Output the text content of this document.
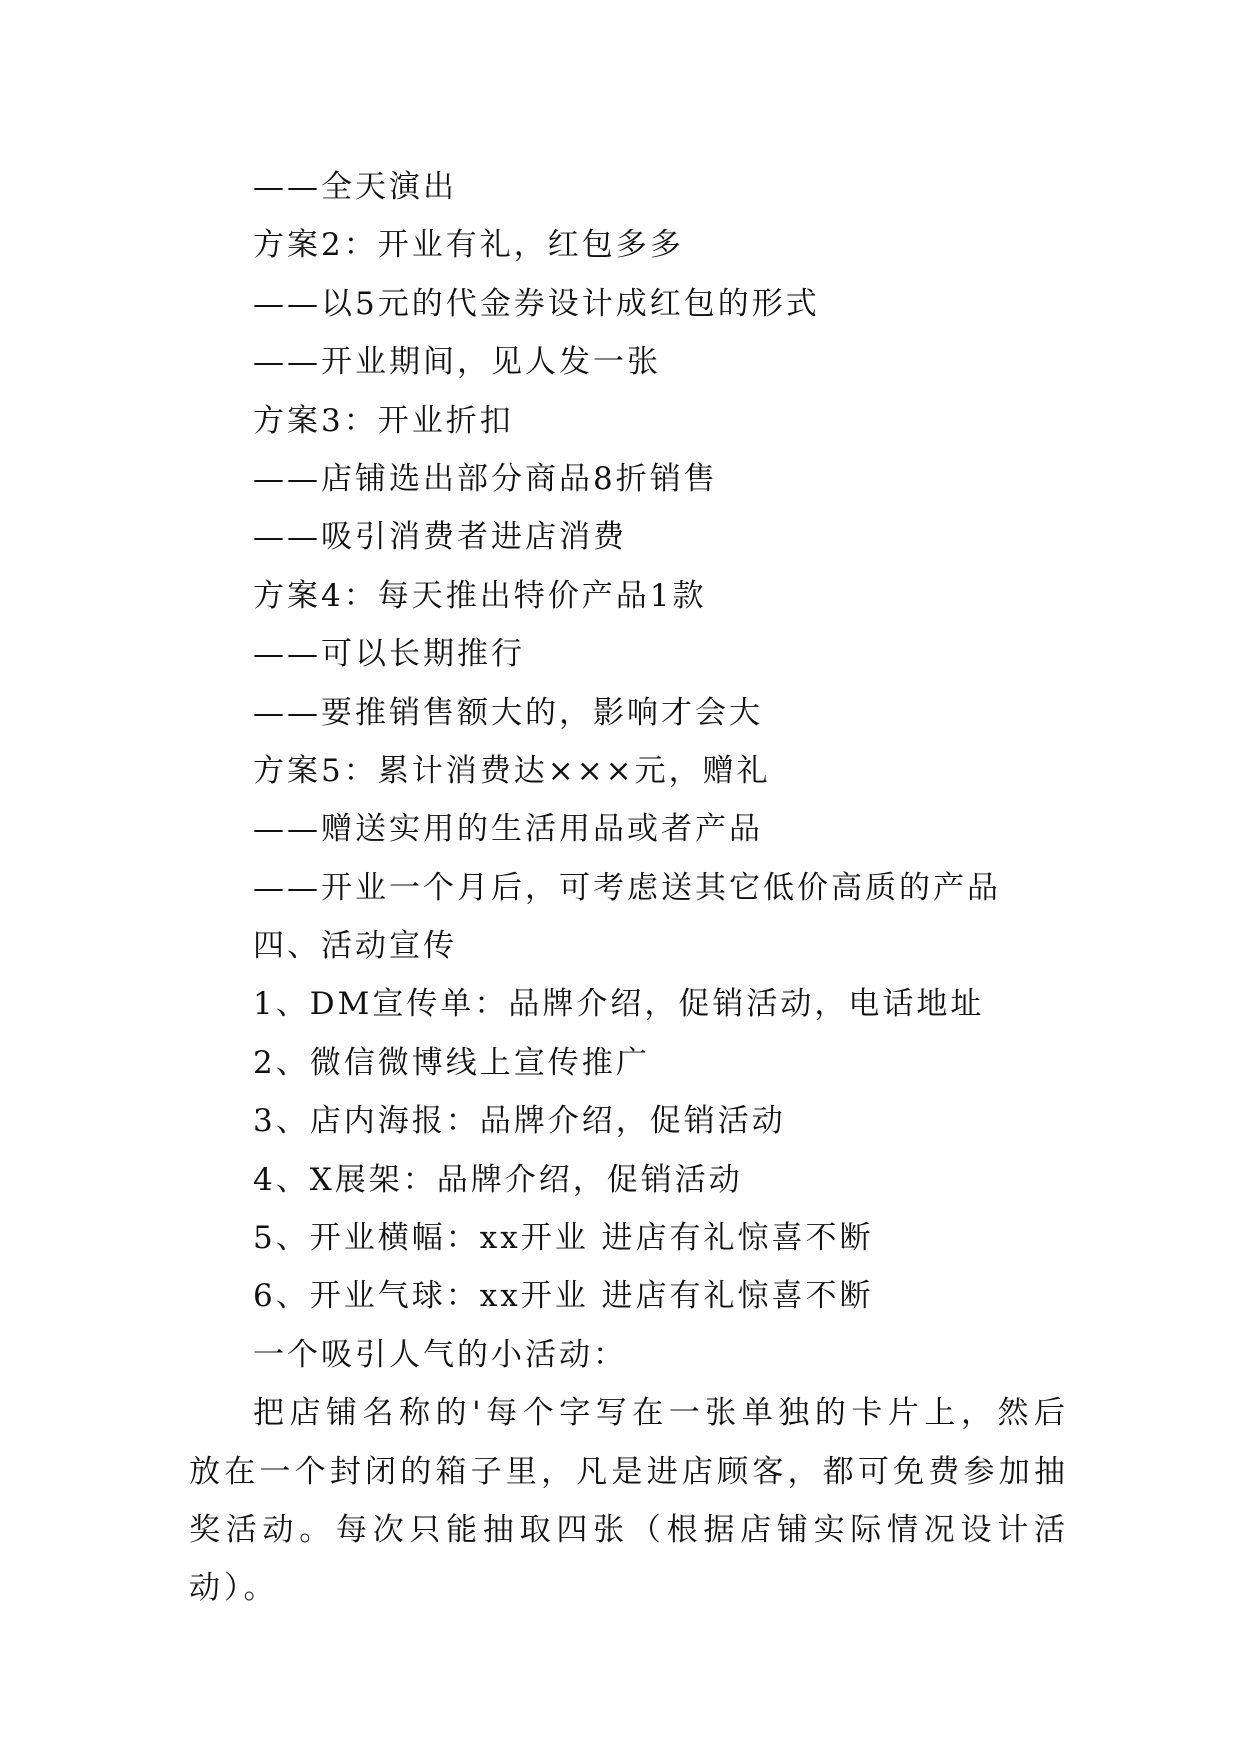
——全天演出
方案2：开业有礼，红包多多
——以5元的代金券设计成红包的形式
——开业期间，见人发一张
方案3：开业折扣
——店铺选出部分商品8折销售
——吸引消费者进店消费
方案4：每天推出特价产品1款
——可以长期推行
——要推销售额大的，影响才会大
方案5：累计消费达×××元，赠礼
——赠送实用的生活用品或者产品
——开业一个月后，可考虑送其它低价高质的产品
四、活动宣传
1、DM宣传单：品牌介绍，促销活动，电话地址
2、微信微博线上宣传推广
3、店内海报：品牌介绍，促销活动
4、X展架：品牌介绍，促销活动
5、开业横幅：xx开业 进店有礼惊喜不断
6、开业气球：xx开业 进店有礼惊喜不断
一个吸引人气的小活动：
把店铺名称的'每个字写在一张单独的卡片上，然后放在一个封闭的箱子里，凡是进店顾客，都可免费参加抽奖活动。每次只能抽取四张（根据店铺实际情况设计活动）。
